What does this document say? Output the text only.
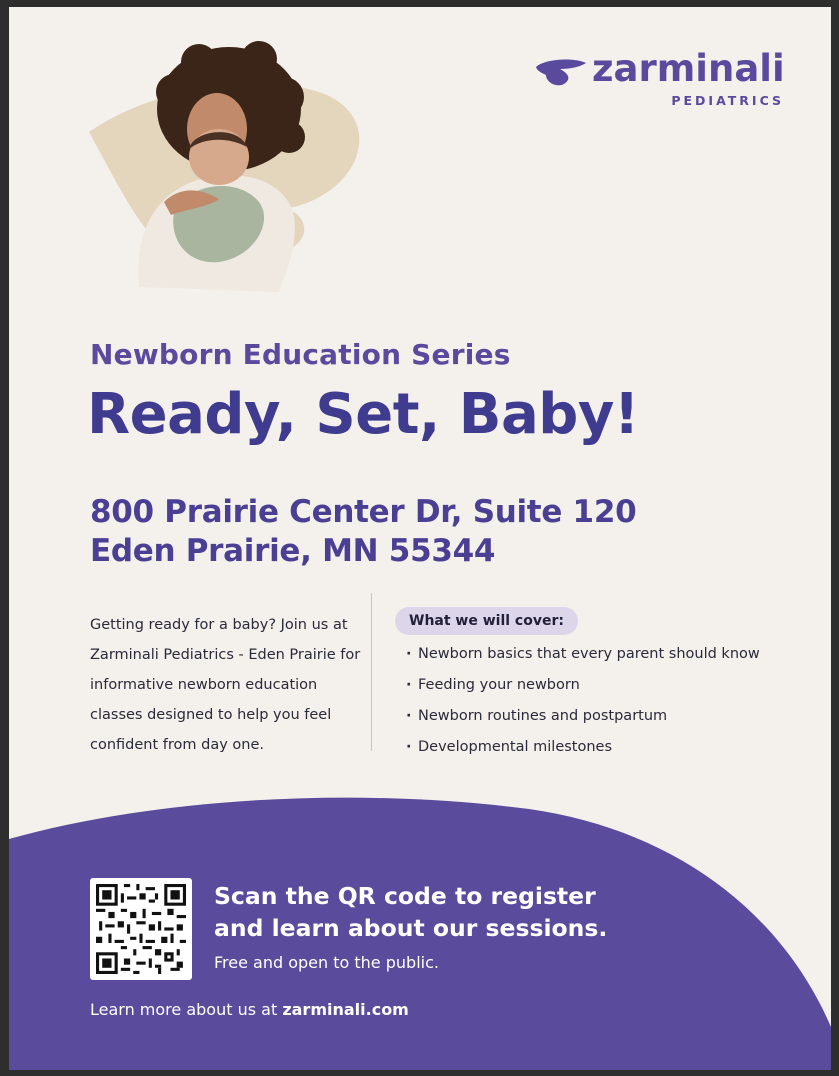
zarminali
PEDIATRICS
Newborn Education Series
Ready, Set, Baby!
800 Prairie Center Dr, Suite 120
Eden Prairie, MN 55344
Getting ready for a baby? Join us at Zarminali Pediatrics - Eden Prairie for informative newborn education classes designed to help you feel confident from day one.
What we will cover:
· Newborn basics that every parent should know
· Feeding your newborn
· Newborn routines and postpartum
· Developmental milestones
Scan the QR code to register and learn about our sessions.
Free and open to the public.
Learn more about us at zarminali.com
